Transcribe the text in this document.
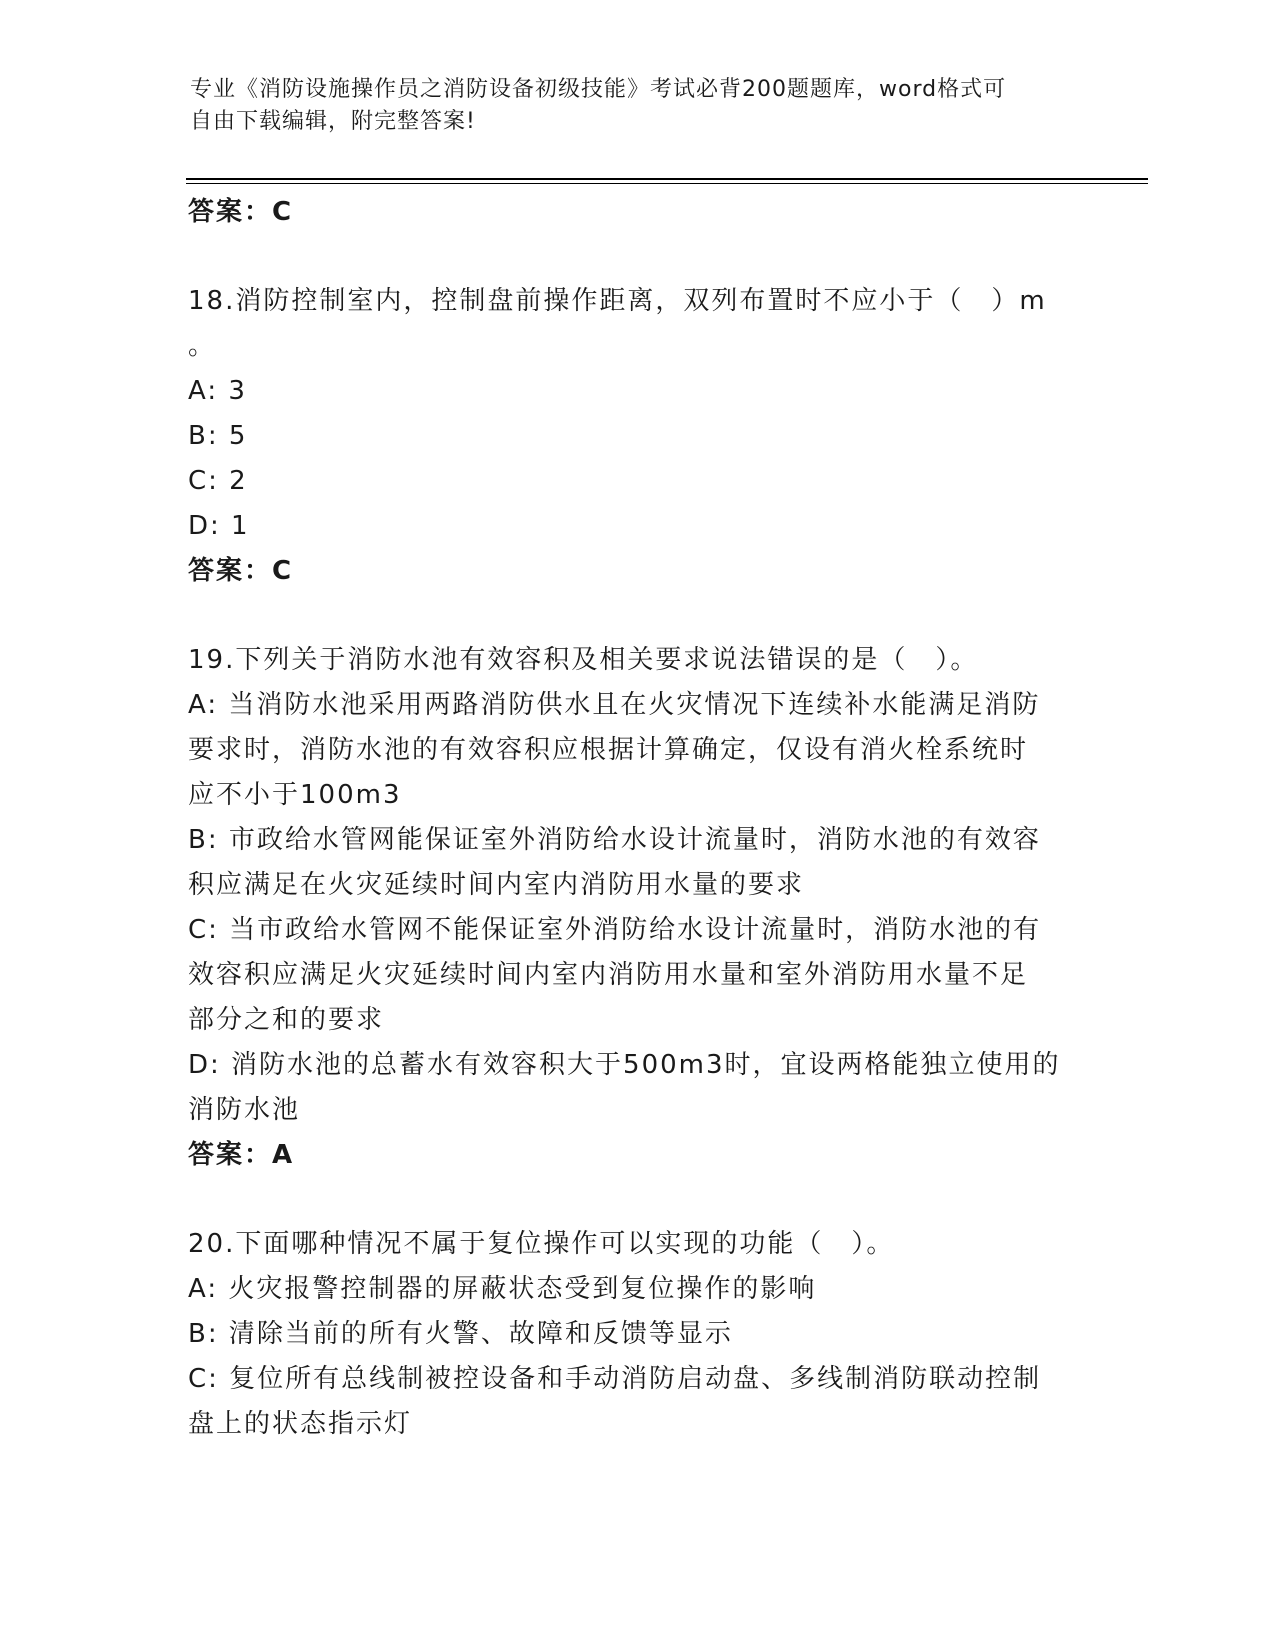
专业《消防设施操作员之消防设备初级技能》考试必背200题题库，word格式可
自由下载编辑，附完整答案!
答案：C
18.消防控制室内，控制盘前操作距离，双列布置时不应小于（　）m
。
A: 3
B: 5
C: 2
D: 1
答案：C
19.下列关于消防水池有效容积及相关要求说法错误的是（　）。
A: 当消防水池采用两路消防供水且在火灾情况下连续补水能满足消防
要求时，消防水池的有效容积应根据计算确定，仅设有消火栓系统时
应不小于100m3
B: 市政给水管网能保证室外消防给水设计流量时，消防水池的有效容
积应满足在火灾延续时间内室内消防用水量的要求
C: 当市政给水管网不能保证室外消防给水设计流量时，消防水池的有
效容积应满足火灾延续时间内室内消防用水量和室外消防用水量不足
部分之和的要求
D: 消防水池的总蓄水有效容积大于500m3时，宜设两格能独立使用的
消防水池
答案：A
20.下面哪种情况不属于复位操作可以实现的功能（　）。
A: 火灾报警控制器的屏蔽状态受到复位操作的影响
B: 清除当前的所有火警、故障和反馈等显示
C: 复位所有总线制被控设备和手动消防启动盘、多线制消防联动控制
盘上的状态指示灯
